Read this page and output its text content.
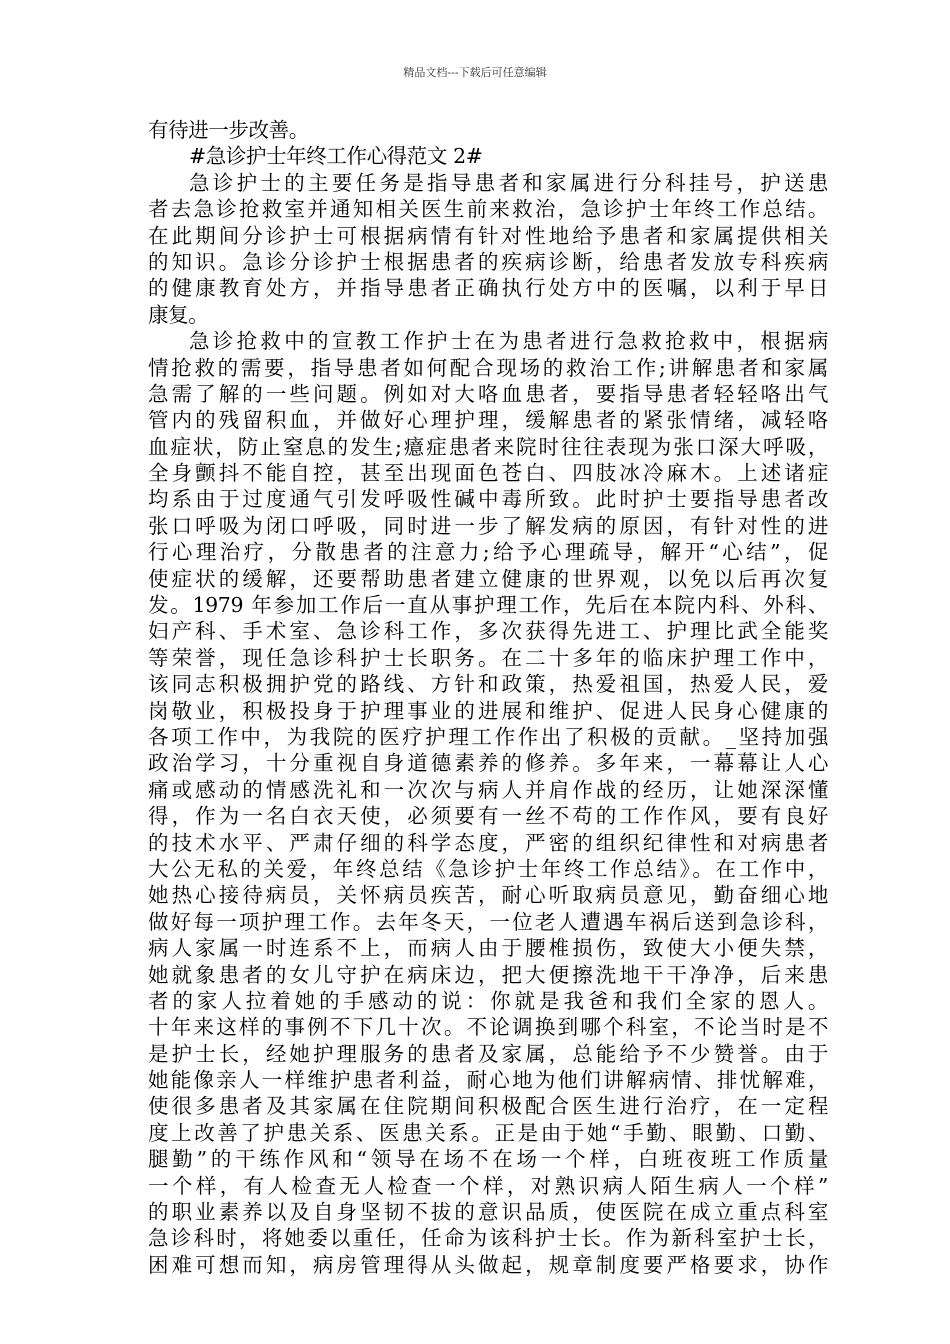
精品文档---下载后可任意编辑
有待进一步改善。
#急诊护士年终工作心得范文 2#
急诊护士的主要任务是指导患者和家属进行分科挂号，护送患
者去急诊抢救室并通知相关医生前来救治，急诊护士年终工作总结。
在此期间分诊护士可根据病情有针对性地给予患者和家属提供相关
的知识。急诊分诊护士根据患者的疾病诊断，给患者发放专科疾病
的健康教育处方，并指导患者正确执行处方中的医嘱，以利于早日
康复。
急诊抢救中的宣教工作护士在为患者进行急救抢救中，根据病
情抢救的需要，指导患者如何配合现场的救治工作;讲解患者和家属
急需了解的一些问题。例如对大咯血患者，要指导患者轻轻咯出气
管内的残留积血，并做好心理护理，缓解患者的紧张情绪，减轻咯
血症状，防止窒息的发生;癔症患者来院时往往表现为张口深大呼吸，
全身颤抖不能自控，甚至出现面色苍白、四肢冰冷麻木。上述诸症
均系由于过度通气引发呼吸性碱中毒所致。此时护士要指导患者改
张口呼吸为闭口呼吸，同时进一步了解发病的原因，有针对性的进
行心理治疗，分散患者的注意力;给予心理疏导，解开“心结”，促
使症状的缓解，还要帮助患者建立健康的世界观，以免以后再次复
发。1979 年参加工作后一直从事护理工作，先后在本院内科、外科、
妇产科、手术室、急诊科工作，多次获得先进工、护理比武全能奖
等荣誉，现任急诊科护士长职务。在二十多年的临床护理工作中，
该同志积极拥护党的路线、方针和政策，热爱祖国，热爱人民，爱
岗敬业，积极投身于护理事业的进展和维护、促进人民身心健康的
各项工作中，为我院的医疗护理工作作出了积极的贡献。_坚持加强
政治学习，十分重视自身道德素养的修养。多年来，一幕幕让人心
痛或感动的情感洗礼和一次次与病人并肩作战的经历，让她深深懂
得，作为一名白衣天使，必须要有一丝不苟的工作作风，要有良好
的技术水平、严肃仔细的科学态度，严密的组织纪律性和对病患者
大公无私的关爱，年终总结《急诊护士年终工作总结》。在工作中，
她热心接待病员，关怀病员疾苦，耐心听取病员意见，勤奋细心地
做好每一项护理工作。去年冬天，一位老人遭遇车祸后送到急诊科，
病人家属一时连系不上，而病人由于腰椎损伤，致使大小便失禁，
她就象患者的女儿守护在病床边，把大便擦洗地干干净净，后来患
者的家人拉着她的手感动的说：你就是我爸和我们全家的恩人。
十年来这样的事例不下几十次。不论调换到哪个科室，不论当时是不
是护士长，经她护理服务的患者及家属，总能给予不少赞誉。由于
她能像亲人一样维护患者利益，耐心地为他们讲解病情、排忧解难，
使很多患者及其家属在住院期间积极配合医生进行治疗，在一定程
度上改善了护患关系、医患关系。正是由于她“手勤、眼勤、口勤、
腿勤”的干练作风和“领导在场不在场一个样，白班夜班工作质量
一个样，有人检查无人检查一个样，对熟识病人陌生病人一个样”
的职业素养以及自身坚韧不拔的意识品质，使医院在成立重点科室
急诊科时，将她委以重任，任命为该科护士长。作为新科室护士长，
困难可想而知，病房管理得从头做起，规章制度要严格要求，协作
